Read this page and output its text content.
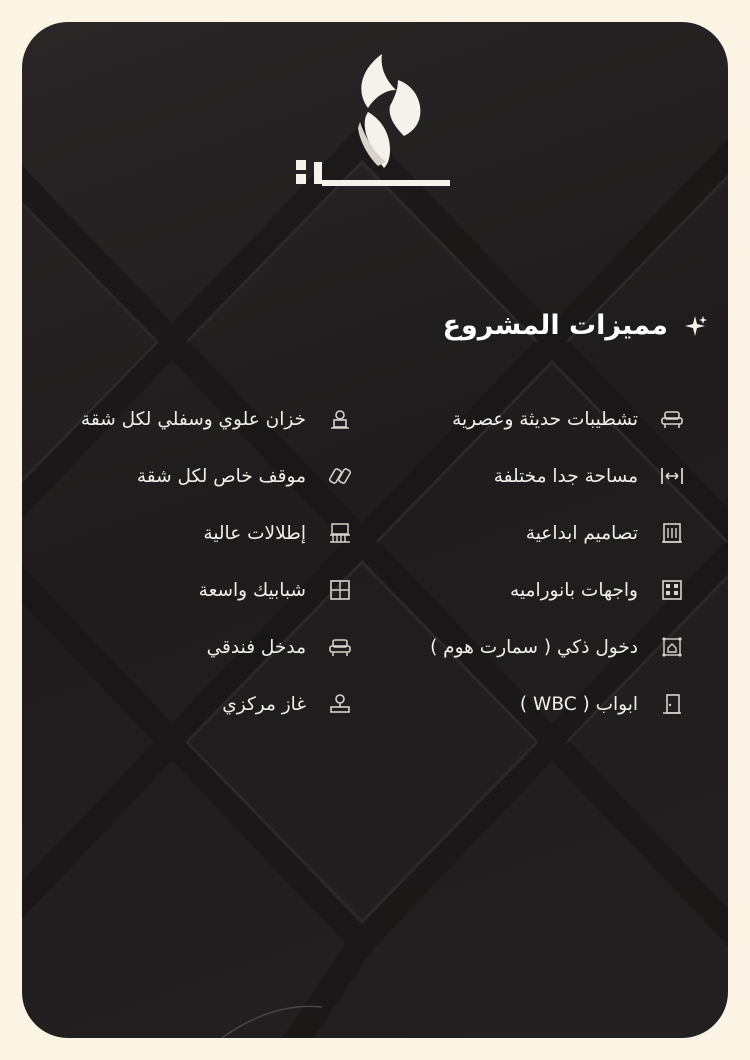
مميزات المشروع
تشطيبات حديثة وعصرية
مساحة جدا مختلفة
تصاميم ابداعية
واجهات بانوراميه
دخول ذكي ( سمارت هوم )
ابواب ( WBC )
خزان علوي وسفلي لكل شقة
موقف خاص لكل شقة
إطلالات عالية
شبابيك واسعة
مدخل فندقي
غاز مركزي
